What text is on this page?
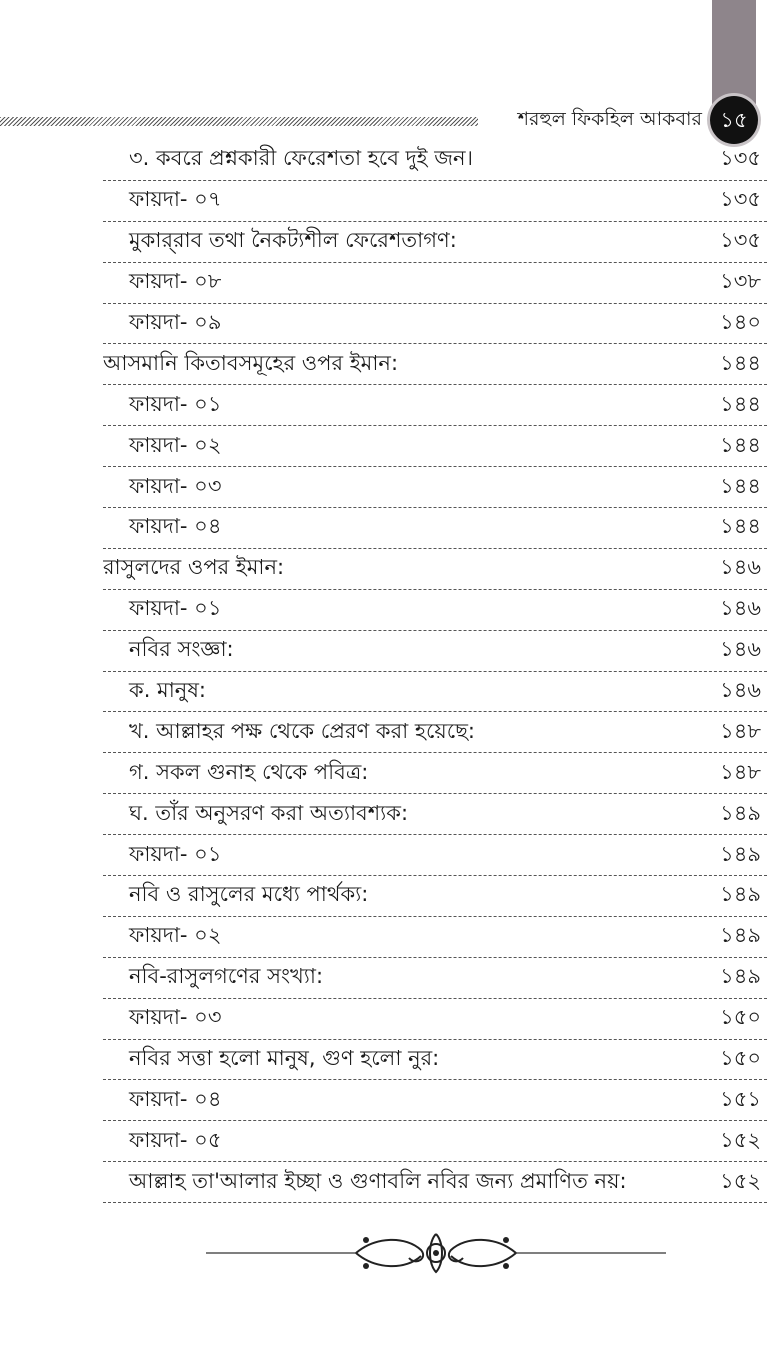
শরহুল ফিকহিল আকবার ১৫
৩. কবরে প্রশ্নকারী ফেরেশতা হবে দুই জন।	১৩৫
ফায়দা- ০৭	১৩৫
মুকার্‌রাব তথা নৈকট্যশীল ফেরেশতাগণ:	১৩৫
ফায়দা- ০৮	১৩৮
ফায়দা- ০৯	১৪০
আসমানি কিতাবসমূহের ওপর ইমান:	১৪৪
ফায়দা- ০১	১৪৪
ফায়দা- ০২	১৪৪
ফায়দা- ০৩	১৪৪
ফায়দা- ০৪	১৪৪
রাসুলদের ওপর ইমান:	১৪৬
ফায়দা- ০১	১৪৬
নবির সংজ্ঞা:	১৪৬
ক. মানুষ:	১৪৬
খ. আল্লাহর পক্ষ থেকে প্রেরণ করা হয়েছে:	১৪৮
গ. সকল গুনাহ থেকে পবিত্র:	১৪৮
ঘ. তাঁর অনুসরণ করা অত্যাবশ্যক:	১৪৯
ফায়দা- ০১	১৪৯
নবি ও রাসুলের মধ্যে পার্থক্য:	১৪৯
ফায়দা- ০২	১৪৯
নবি-রাসুলগণের সংখ্যা:	১৪৯
ফায়দা- ০৩	১৫০
নবির সত্তা হলো মানুষ, গুণ হলো নুর:	১৫০
ফায়দা- ০৪	১৫১
ফায়দা- ০৫	১৫২
আল্লাহ তা'আলার ইচ্ছা ও গুণাবলি নবির জন্য প্রমাণিত নয়:	১৫২
